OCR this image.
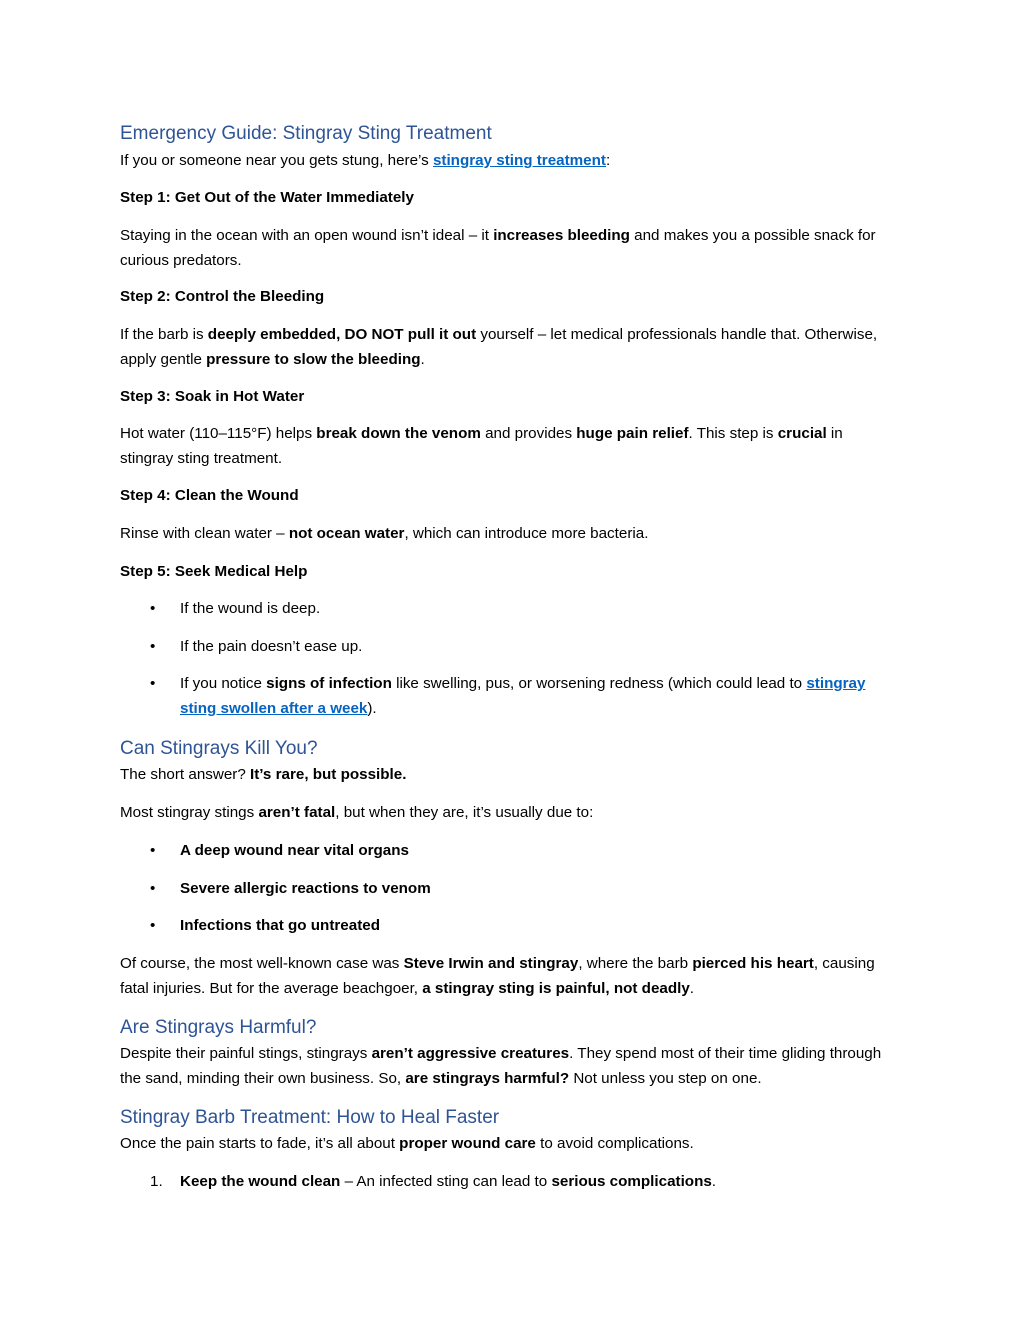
Emergency Guide: Stingray Sting Treatment

If you or someone near you gets stung, here’s stingray sting treatment:

Step 1: Get Out of the Water Immediately

Staying in the ocean with an open wound isn’t ideal – it increases bleeding and makes you a possible snack for curious predators.

Step 2: Control the Bleeding

If the barb is deeply embedded, DO NOT pull it out yourself – let medical professionals handle that. Otherwise, apply gentle pressure to slow the bleeding.

Step 3: Soak in Hot Water

Hot water (110–115°F) helps break down the venom and provides huge pain relief. This step is crucial in stingray sting treatment.

Step 4: Clean the Wound

Rinse with clean water – not ocean water, which can introduce more bacteria.

Step 5: Seek Medical Help

• If the wound is deep.
• If the pain doesn’t ease up.
• If you notice signs of infection like swelling, pus, or worsening redness (which could lead to stingray sting swollen after a week).
Can Stingrays Kill You?

The short answer? It’s rare, but possible.

Most stingray stings aren’t fatal, but when they are, it’s usually due to:

• A deep wound near vital organs
• Severe allergic reactions to venom
• Infections that go untreated

Of course, the most well-known case was Steve Irwin and stingray, where the barb pierced his heart, causing fatal injuries. But for the average beachgoer, a stingray sting is painful, not deadly.

Are Stingrays Harmful?

Despite their painful stings, stingrays aren’t aggressive creatures. They spend most of their time gliding through the sand, minding their own business. So, are stingrays harmful? Not unless you step on one.

Stingray Barb Treatment: How to Heal Faster

Once the pain starts to fade, it’s all about proper wound care to avoid complications.

1. Keep the wound clean – An infected sting can lead to serious complications.
